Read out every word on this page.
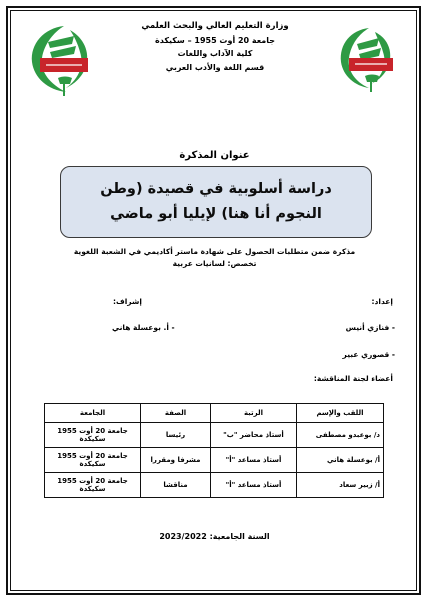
وزارة التعليم العالي والبحث العلمي
جامعة 20 أوت 1955 – سكيكدة
كلية الآداب واللغات
قسم اللغة والأدب العربي
عنوان المذكرة
دراسة أسلوبية في قصيدة (وطن النجوم أنا هنا) لإيليا أبو ماضي
مذكرة ضمن متطلبات الحصول على شهادة ماستر أكاديمي في الشعبة اللغوية
تخصص: لسانيات عربية
إعداد:
إشراف:
- فنازي أنيس
- قصوري عبير
- أ. بوعسلة هاني
أعضاء لجنة المناقشة:
اللقب والإسم	الرتبة	الصفة	الجامعة
د/ بوعبدو مصطفى	أستاذ محاضر "ب"	رئيسا	جامعة 20 أوت 1955 سكيكدة
أ/ بوعسلة هاني	أستاذ مساعد "أ"	مشرفا ومقررا	جامعة 20 أوت 1955 سكيكدة
أ/ زبير سعاد	أستاذ مساعد "أ"	مناقشا	جامعة 20 أوت 1955 سكيكدة
السنة الجامعية: 2023/2022
